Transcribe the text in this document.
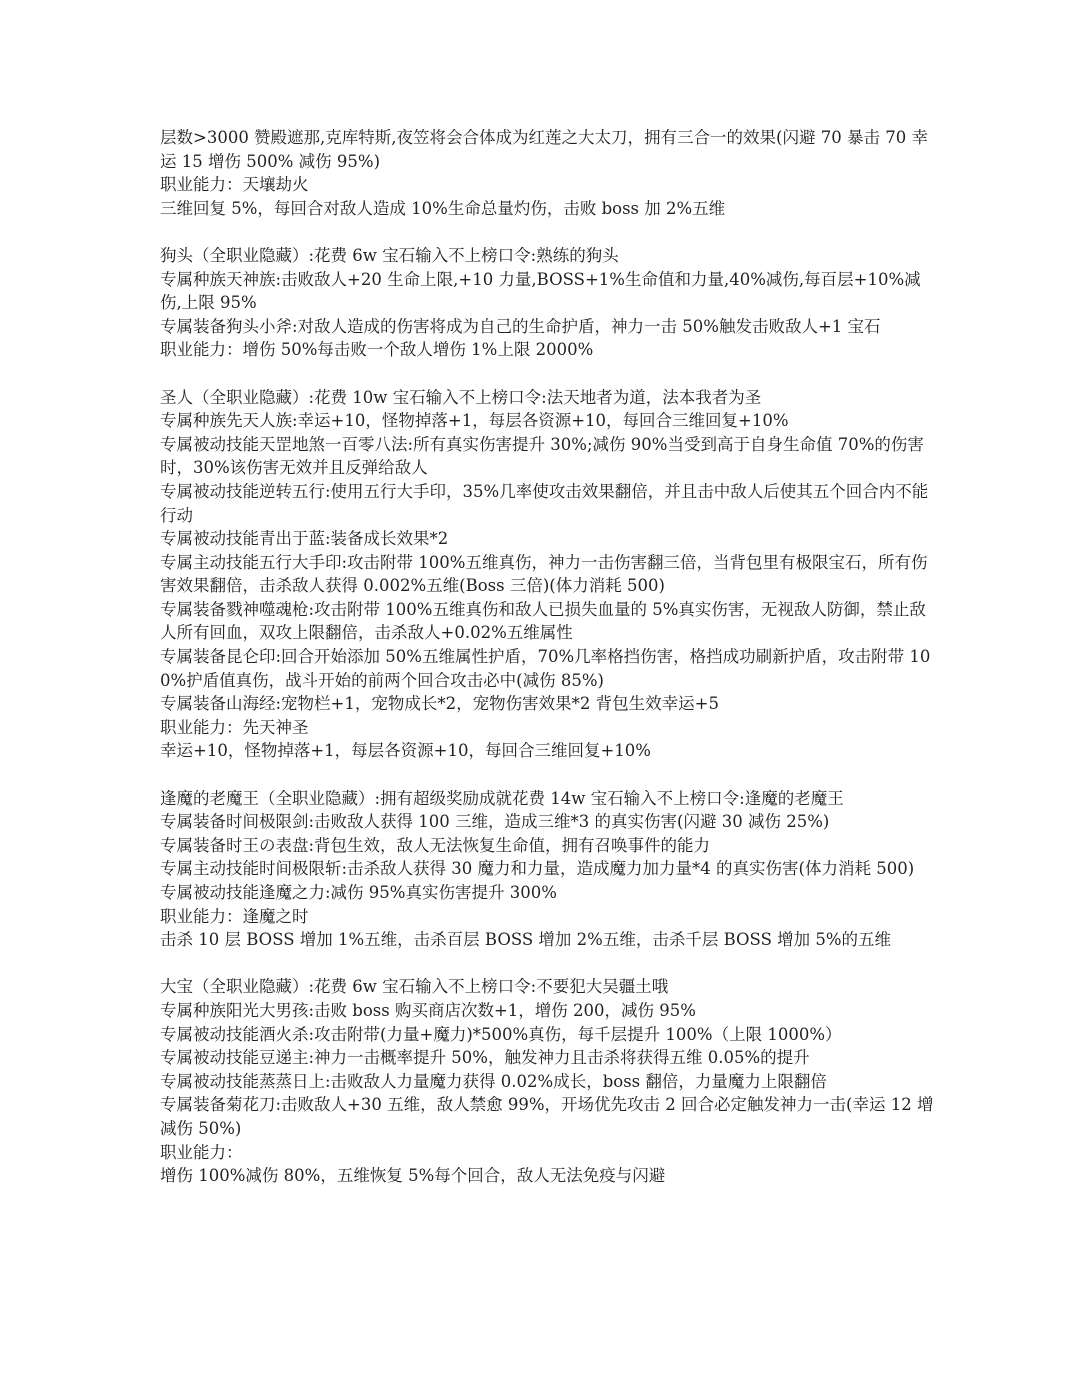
层数>3000 赞殿遮那,克库特斯,夜笠将会合体成为红莲之大太刀，拥有三合一的效果(闪避 70 暴击 70 幸运 15 增伤 500% 减伤 95%)

职业能力：天壤劫火

三维回复 5%，每回合对敌人造成 10%生命总量灼伤，击败 boss 加 2%五维

狗头（全职业隐藏）:花费 6w 宝石输入不上榜口令:熟练的狗头

专属种族天神族:击败敌人+20 生命上限,+10 力量,BOSS+1%生命值和力量,40%减伤,每百层+10%减伤,上限 95%

专属装备狗头小斧:对敌人造成的伤害将成为自己的生命护盾，神力一击 50%触发击败敌人+1 宝石

职业能力：增伤 50%每击败一个敌人增伤 1%上限 2000%

圣人（全职业隐藏）:花费 10w 宝石输入不上榜口令:法天地者为道，法本我者为圣

专属种族先天人族:幸运+10，怪物掉落+1，每层各资源+10，每回合三维回复+10%

专属被动技能天罡地煞一百零八法:所有真实伤害提升 30%;减伤 90%当受到高于自身生命值 70%的伤害时，30%该伤害无效并且反弹给敌人

专属被动技能逆转五行:使用五行大手印，35%几率使攻击效果翻倍，并且击中敌人后使其五个回合内不能行动

专属被动技能青出于蓝:装备成长效果*2

专属主动技能五行大手印:攻击附带 100%五维真伤，神力一击伤害翻三倍，当背包里有极限宝石，所有伤害效果翻倍，击杀敌人获得 0.002%五维(Boss 三倍)(体力消耗 500)

专属装备戮神噬魂枪:攻击附带 100%五维真伤和敌人已损失血量的 5%真实伤害，无视敌人防御，禁止敌人所有回血，双攻上限翻倍，击杀敌人+0.02%五维属性

专属装备昆仑印:回合开始添加 50%五维属性护盾，70%几率格挡伤害，格挡成功刷新护盾，攻击附带 100%护盾值真伤，战斗开始的前两个回合攻击必中(减伤 85%)

专属装备山海经:宠物栏+1，宠物成长*2，宠物伤害效果*2 背包生效幸运+5

职业能力：先天神圣

幸运+10，怪物掉落+1，每层各资源+10，每回合三维回复+10%

逢魔的老魔王（全职业隐藏）:拥有超级奖励成就花费 14w 宝石输入不上榜口令:逢魔的老魔王

专属装备时间极限剑:击败敌人获得 100 三维，造成三维*3 的真实伤害(闪避 30 减伤 25%)

专属装备时王の表盘:背包生效，敌人无法恢复生命值，拥有召唤事件的能力

专属主动技能时间极限斩:击杀敌人获得 30 魔力和力量，造成魔力加力量*4 的真实伤害(体力消耗 500)

专属被动技能逢魔之力:减伤 95%真实伤害提升 300%

职业能力：逢魔之时

击杀 10 层 BOSS 增加 1%五维，击杀百层 BOSS 增加 2%五维，击杀千层 BOSS 增加 5%的五维

大宝（全职业隐藏）:花费 6w 宝石输入不上榜口令:不要犯大吴疆土哦

专属种族阳光大男孩:击败 boss 购买商店次数+1，增伤 200，减伤 95%

专属被动技能酒火杀:攻击附带(力量+魔力)*500%真伤，每千层提升 100%（上限 1000%）

专属被动技能豆递主:神力一击概率提升 50%，触发神力且击杀将获得五维 0.05%的提升

专属被动技能蒸蒸日上:击败敌人力量魔力获得 0.02%成长，boss 翻倍，力量魔力上限翻倍

专属装备菊花刀:击败敌人+30 五维，敌人禁愈 99%，开场优先攻击 2 回合必定触发神力一击(幸运 12 增减伤 50%)

职业能力：

增伤 100%减伤 80%，五维恢复 5%每个回合，敌人无法免疫与闪避
